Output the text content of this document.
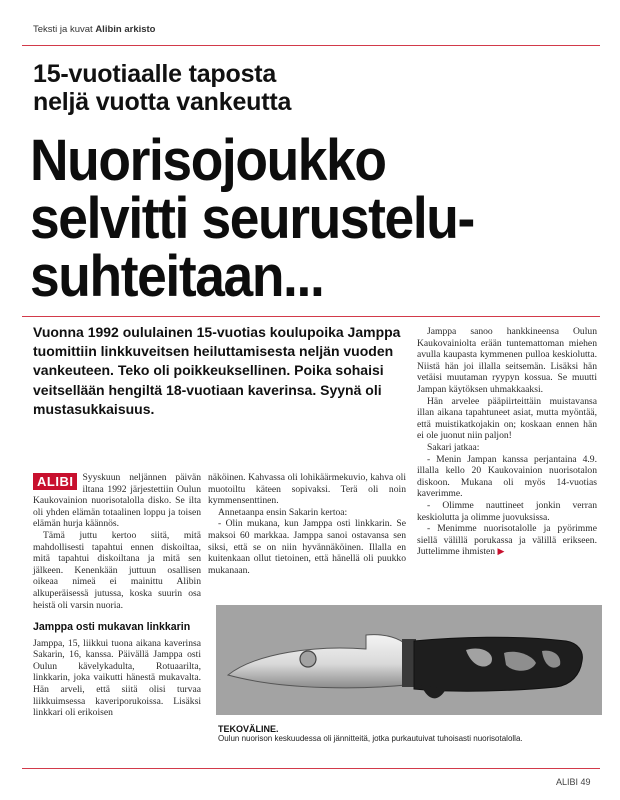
Teksti ja kuvat Alibin arkisto
15-vuotiaalle taposta
neljä vuotta vankeutta
Nuorisojoukko
selvitti seurustelu-
suhteitaan...
Vuonna 1992 oululainen 15-vuotias koulupoika Jamppa tuomittiin linkkuveitsen heiluttamisesta neljän vuoden vankeuteen. Teko oli poikkeuksellinen. Poika sohaisi veitsellään hengiltä 18-vuotiaan kaverinsa. Syynä oli mustasukkaisuus.

ALIBI Syyskuun neljännen päivän iltana 1992 järjestettiin Oulun Kaukovainion nuorisotalolla disko. Se ilta oli yhden elämän totaalinen loppu ja toisen elämän hurja käännös.

Tämä juttu kertoo siitä, mitä mahdollisesti tapahtui ennen diskoiltaa, mitä tapahtui diskoiltana ja mitä sen jälkeen. Kenenkään juttuun osallisen oikeaa nimeä ei mainittu Alibin alkuperäisessä jutussa, koska suurin osa heistä oli varsin nuoria.

Jamppa osti mukavan linkkarin

Jamppa, 15, liikkui tuona aikana kaverinsa Sakarin, 16, kanssa. Päivällä Jamppa osti Oulun kävelykadulta, Rotuaarilta, linkkarin, joka vaikutti hänestä mukavalta. Hän arveli, että siitä olisi turvaa liikkuimsessa kaveriporukoissa. Lisäksi linkkari oli erikoisen

näköinen. Kahvassa oli lohikäärmekuvio, kahva oli muotoiltu käteen sopivaksi. Terä oli noin kymmensenttinen.

Annetaanpa ensin Sakarin kertoa:

- Olin mukana, kun Jamppa osti linkkarin. Se maksoi 60 markkaa. Jamppa sanoi ostavansa sen siksi, että se on niin hyvännäköinen. Illalla en kuitenkaan ollut tietoinen, että hänellä oli puukko mukanaan.

Jamppa sanoo hankkineensa Oulun Kaukovainiolta erään tuntemattoman miehen avulla kaupasta kymmenen pulloa keskiolutta. Niistä hän joi illalla seitsemän. Lisäksi hän vetäisi muutaman ryypyn kossua. Se muutti Jampan käytöksen uhmakkaaksi.

Hän arvelee pääpiirteittäin muistavansa illan aikana tapahtuneet asiat, mutta myöntää, että muistikatkojakin on; koskaan ennen hän ei ole juonut niin paljon!

Sakari jatkaa:

- Menin Jampan kanssa perjantaina 4.9. illalla kello 20 Kaukovainion nuorisotalon diskoon. Mukana oli myös 14-vuotias kaverimme.

- Olimme nauttineet jonkin verran keskiolutta ja olimme juovuksissa.

- Menimme nuorisotalolle ja pyörimme siellä välillä porukassa ja välillä erikseen. Juttelimme ihmisten ▶

TEKOVÄLINE.
Oulun nuorison keskuudessa oli jännitteitä, jotka purkautuivat tuhoisasti nuorisotalolla.
ALIBI 49
